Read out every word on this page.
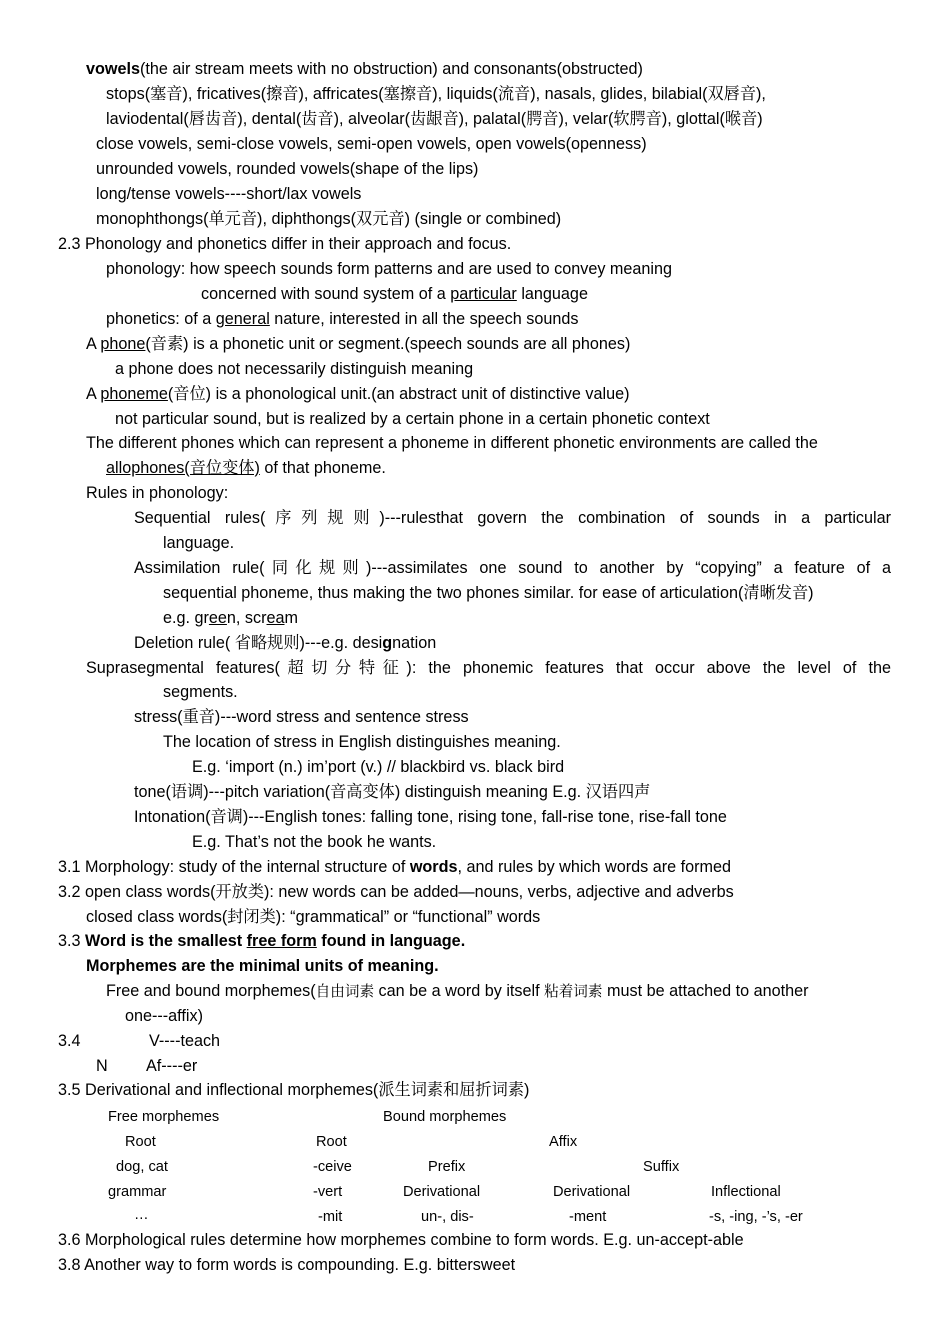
vowels(the air stream meets with no obstruction) and consonants(obstructed)
stops(塞音), fricatives(擦音), affricates(塞擦音), liquids(流音), nasals, glides, bilabial(双唇音),
laviodental(唇齿音), dental(齿音), alveolar(齿龈音), palatal(腭音), velar(软腭音), glottal(喉音)
close vowels, semi-close vowels, semi-open vowels, open vowels(openness)
unrounded vowels, rounded vowels(shape of the lips)
long/tense vowels----short/lax vowels
monophthongs(单元音), diphthongs(双元音) (single or combined)
2.3 Phonology and phonetics differ in their approach and focus.
phonology: how speech sounds form patterns and are used to convey meaning
concerned with sound system of a particular language
phonetics: of a general nature, interested in all the speech sounds
A phone(音素) is a phonetic unit or segment.(speech sounds are all phones)
a phone does not necessarily distinguish meaning
A phoneme(音位) is a phonological unit.(an abstract unit of distinctive value)
not particular sound, but is realized by a certain phone in a certain phonetic context
The different phones which can represent a phoneme in different phonetic environments are called the
allophones(音位变体) of that phoneme.
Rules in phonology:
Sequential rules(序列规则)---rulesthat govern the combination of sounds in a particular
language.
Assimilation rule(同化规则)---assimilates one sound to another by “copying” a feature of a
sequential phoneme, thus making the two phones similar. for ease of articulation(清晰发音)
e.g. green, scream
Deletion rule( 省略规则)---e.g. designation
Suprasegmental features(超切分特征): the phonemic features that occur above the level of the
segments.
stress(重音)---word stress and sentence stress
The location of stress in English distinguishes meaning.
E.g. ‘import (n.) im’port (v.) // blackbird vs. black bird
tone(语调)---pitch variation(音高变体) distinguish meaning E.g. 汉语四声
Intonation(音调)---English tones: falling tone, rising tone, fall-rise tone, rise-fall tone
E.g. That’s not the book he wants.
3.1 Morphology: study of the internal structure of words, and rules by which words are formed
3.2 open class words(开放类): new words can be added—nouns, verbs, adjective and adverbs
closed class words(封闭类): “grammatical” or “functional” words
3.3 Word is the smallest free form found in language.
Morphemes are the minimal units of meaning.
Free and bound morphemes(自由词素 can be a word by itself 粘着词素 must be attached to another
one---affix)
3.4	V----teach
N Af----er
3.5 Derivational and inflectional morphemes(派生词素和屈折词素)
Free morphemes	Bound morphemes
Root	Root	Affix
dog, cat	-ceive	Prefix	Suffix
grammar	-vert	Derivational	Derivational	Inflectional
…	-mit	un-, dis-	-ment	-s, -ing, -’s, -er
3.6 Morphological rules determine how morphemes combine to form words. E.g. un-accept-able
3.8 Another way to form words is compounding. E.g. bittersweet
